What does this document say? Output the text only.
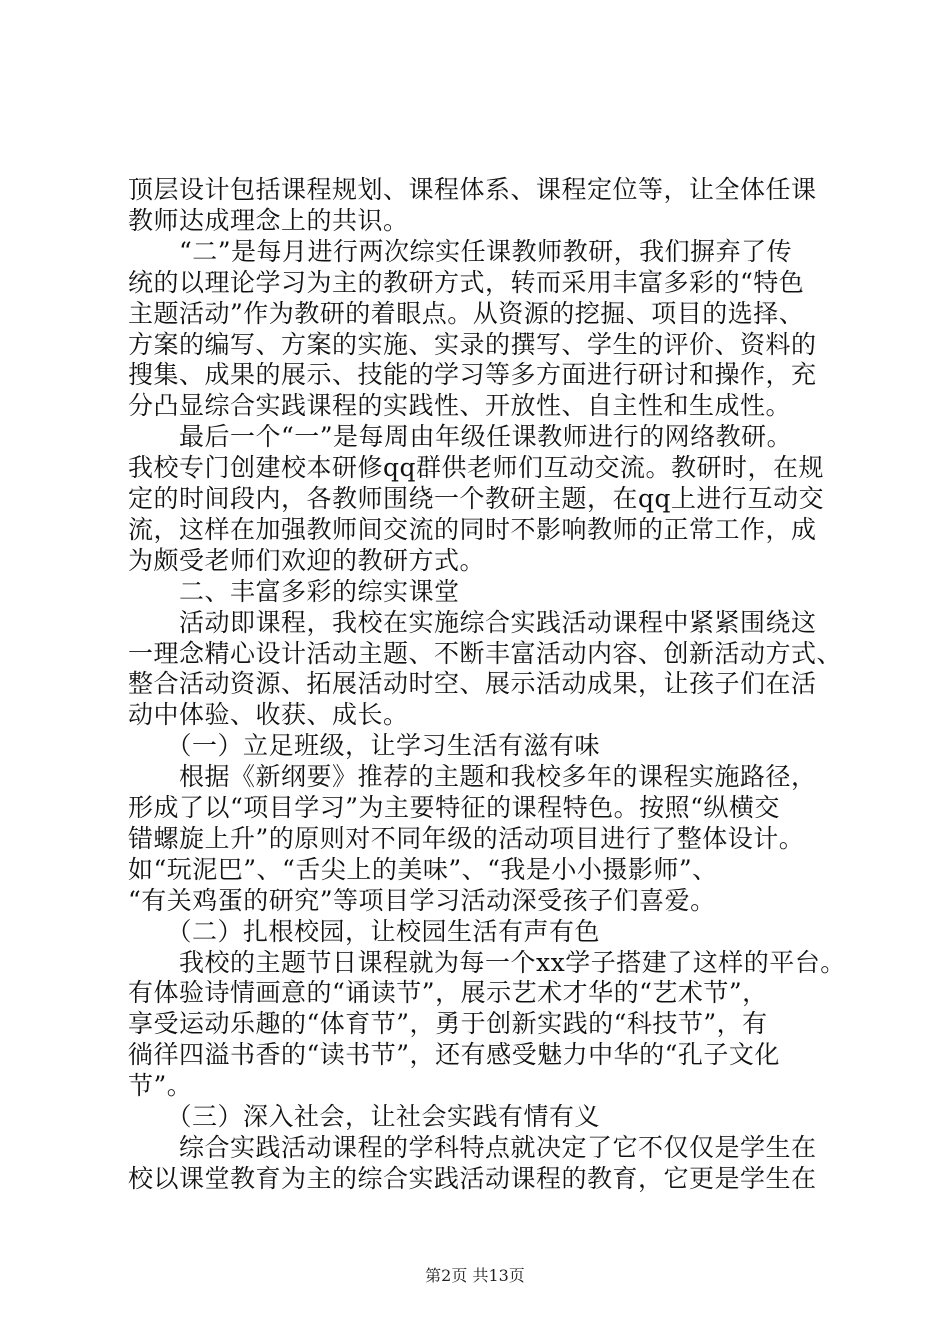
顶层设计包括课程规划、课程体系、课程定位等，让全体任课
教师达成理念上的共识。
　　“二”是每月进行两次综实任课教师教研，我们摒弃了传
统的以理论学习为主的教研方式，转而采用丰富多彩的“特色
主题活动”作为教研的着眼点。从资源的挖掘、项目的选择、
方案的编写、方案的实施、实录的撰写、学生的评价、资料的
搜集、成果的展示、技能的学习等多方面进行研讨和操作，充
分凸显综合实践课程的实践性、开放性、自主性和生成性。
　　最后一个“一”是每周由年级任课教师进行的网络教研。
我校专门创建校本研修qq群供老师们互动交流。教研时，在规
定的时间段内，各教师围绕一个教研主题，在qq上进行互动交
流，这样在加强教师间交流的同时不影响教师的正常工作，成
为颇受老师们欢迎的教研方式。
　　二、丰富多彩的综实课堂
　　活动即课程，我校在实施综合实践活动课程中紧紧围绕这
一理念精心设计活动主题、不断丰富活动内容、创新活动方式、
整合活动资源、拓展活动时空、展示活动成果，让孩子们在活
动中体验、收获、成长。
　　（一）立足班级，让学习生活有滋有味
　　根据《新纲要》推荐的主题和我校多年的课程实施路径，
形成了以“项目学习”为主要特征的课程特色。按照“纵横交
错螺旋上升”的原则对不同年级的活动项目进行了整体设计。
如“玩泥巴”、“舌尖上的美味”、“我是小小摄影师”、
“有关鸡蛋的研究”等项目学习活动深受孩子们喜爱。
　　（二）扎根校园，让校园生活有声有色
　　我校的主题节日课程就为每一个xx学子搭建了这样的平台。
有体验诗情画意的“诵读节”，展示艺术才华的“艺术节”，
享受运动乐趣的“体育节”，勇于创新实践的“科技节”，有
徜徉四溢书香的“读书节”，还有感受魅力中华的“孔子文化
节”。
　　（三）深入社会，让社会实践有情有义
　　综合实践活动课程的学科特点就决定了它不仅仅是学生在
校以课堂教育为主的综合实践活动课程的教育，它更是学生在
第2页 共13页
